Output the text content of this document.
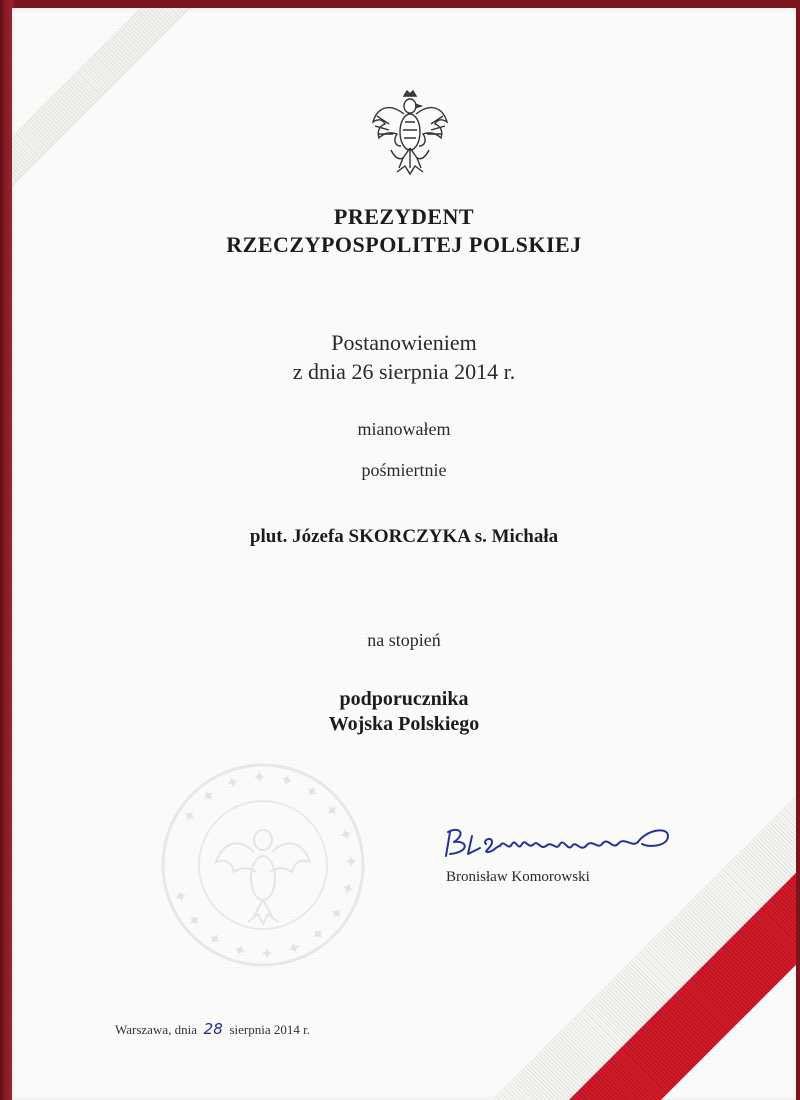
PREZYDENT
RZECZYPOSPOLITEJ POLSKIEJ
Postanowieniem
z dnia 26 sierpnia 2014 r.
mianowałem
pośmiertnie
plut. Józefa SKORCZYKA s. Michała
na stopień
podporucznika
Wojska Polskiego
✦ ✦ ✦ ✦ ✦ ✦ ✦ ✦ ✦ ✦ ✦ ✦ ✦ ✦ ✦ ✦ ✦ ✦
Bronisław Komorowski
Warszawa, dnia 28 sierpnia 2014 r.
